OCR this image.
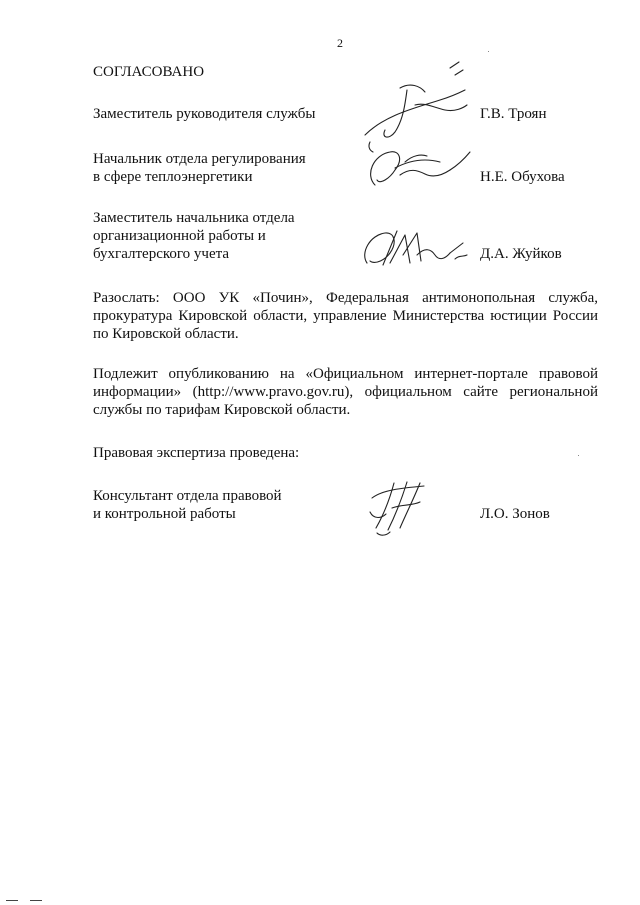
2
СОГЛАСОВАНО
Заместитель руководителя службы	Г.В. Троян
Начальник отдела регулирования
в сфере теплоэнергетики	Н.Е. Обухова
Заместитель начальника отдела
организационной работы и
бухгалтерского учета	Д.А. Жуйков
Разослать: ООО УК «Почин», Федеральная антимонопольная служба, прокуратура Кировской области, управление Министерства юстиции России по Кировской области.
Подлежит опубликованию на «Официальном интернет-портале правовой информации» (http://www.pravo.gov.ru), официальном сайте региональной службы по тарифам Кировской области.
Правовая экспертиза проведена:
Консультант отдела правовой
и контрольной работы	Л.О. Зонов
